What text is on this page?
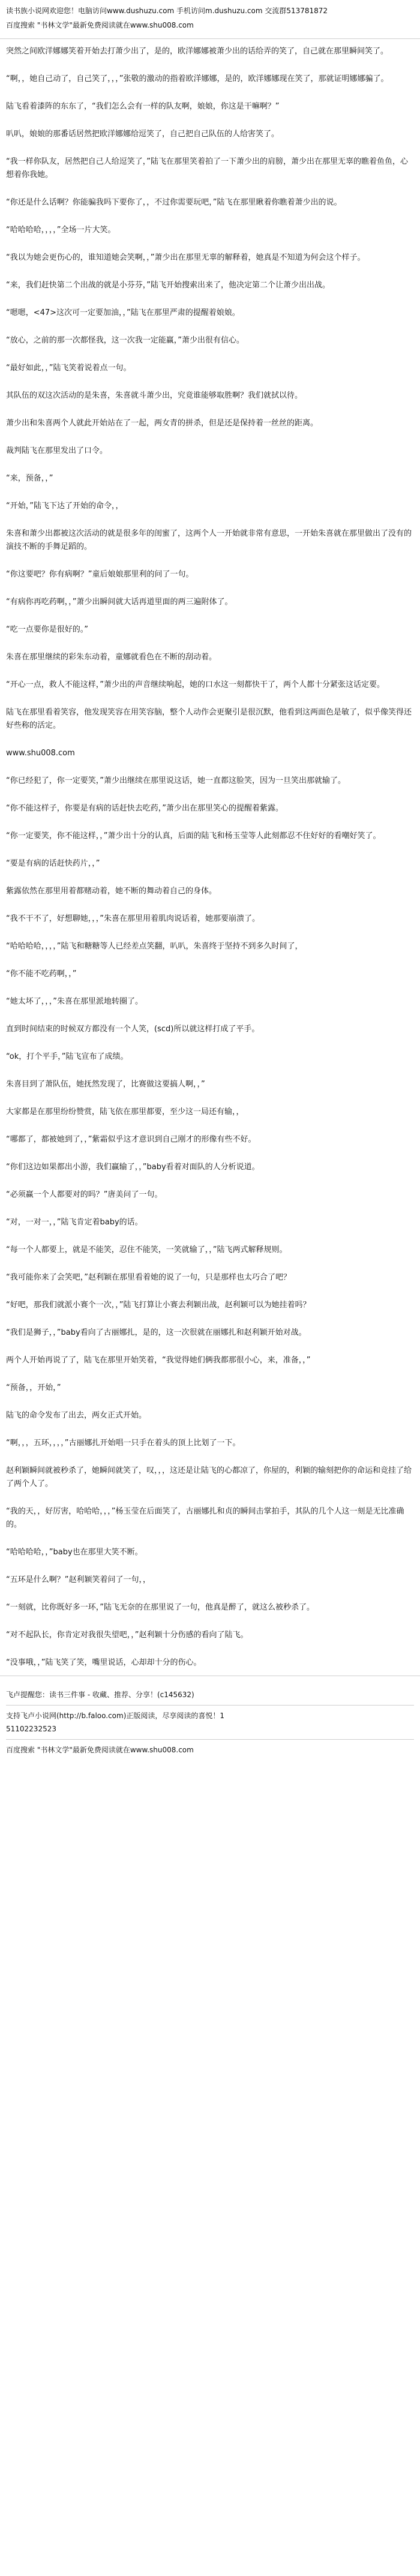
读书族小说网欢迎您！电脑访问www.dushuzu.com 手机访问m.dushuzu.com 交流群513781872
百度搜索 "书林文学"最新免费阅读就在www.shu008.com

突然之间欧洋娜娜笑着开始去打萧少出了，是的，欧洋娜娜被萧少出的话给弄的笑了，自己就在那里瞬间笑了。

“啊，，她自己动了，自己笑了，，，”张敬的激动的指着欧洋娜娜，是的，欧洋娜娜现在笑了，那就证明娜娜骗了。

陆飞看着漆阵的东东了，“我们怎么会有一样的队友啊，娘娘，你这是干嘛啊？”

叭叭，娘娘的那番话居然把欧洋娜娜给逗笑了，自己把自己队伍的人给害笑了。

“我一样你队友，居然把自己人给逗笑了，”陆飞在那里笑着拍了一下萧少出的肩膀，萧少出在那里无辜的瞧着鱼鱼，心想着你我她。

“你还是什么话啊？你能骗我吗下要你了，，不过你需要玩吧，”陆飞在那里瞅着你瞧着萧少出的说。

“哈哈哈哈，，，，”全场一片大笑。

“我以为她会更伤心的，谁知道她会笑啊，，”萧少出在那里无辜的解释着，她真是不知道为何会这个样子。

“来，我们赶快第二个出战的就是小芬芬，”陆飞开始搜索出来了，他决定第二个让萧少出出战。

“嗯嗯，<47>这次可一定要加油，，”陆飞在那里严肃的提醒着娘娘。

“放心，之前的那一次都怪我，这一次我一定能赢，”萧少出很有信心。

“最好如此，，”陆飞笑着说着点一句。

其队伍的双这次活动的是朱喜，朱喜就斗萧少出，究竟谁能够取胜啊？我们就拭以待。

萧少出和朱喜两个人就此开始站在了一起，两女青的拼杀，但是还是保持着一丝丝的距离。

裁判陆飞在那里发出了口令。

“来，预备，，”

“开始，”陆飞下达了开始的命令，，

朱喜和萧少出都被这次活动的就是很多年的闺蜜了，这两个人一开始就非常有意思，一开始朱喜就在那里做出了没有的演技不断的手舞足蹈的。

“你这要吧？你有病啊？”童后娘娘那里利的问了一句。

“有病你再吃药啊，，”萧少出瞬间就大话再道里面的两三遍附体了。

“吃一点要你是很好的。”

朱喜在那里继续的彩朱东动着，童娜就看色在不断的刮动着。

“开心一点，救人不能这样，”萧少出的声音继续响起，她的口水这一刻都快干了，两个人都十分紧张这话定要。

陆飞在那里看着笑容，他发现笑容在用笑容脑，整个人动作会更聚引是很沉默，他看到这两面色是敏了，似乎像笑得还好些称的活定。

www.shu008.com

“你已经犯了，你一定要笑，”萧少出继续在那里说这话，她一直都这脸笑，因为一旦笑出那就输了。

“你不能这样子，你要是有病的话赶快去吃药，”萧少出在那里笑心的提醒着紫露。

“你一定要笑，你不能这样，，”萧少出十分的认真，后面的陆飞和杨玉莹等人此刻都忍不住好好的看嘲好笑了。

“要是有病的话赶快药片，，”

紫露依然在那里用着都赌动着，她不断的舞动着自己的身体。

“我不干不了，好想聊她，，，”朱喜在那里用着肌肉说话着，她那要崩溃了。

“哈哈哈哈，，，，”陆飞和糖糖等人已经差点笑翻，叭叭，朱喜终于坚持不到多久时间了，

“你不能不吃药啊，，”

“她太坏了，，，”朱喜在那里派地转圈了。

直到时间结束的时候双方都没有一个人笑，(scd)所以就这样打成了平手。

“ok，打个平手，”陆飞宣布了成绩。

朱喜目到了萧队伍，她抚然发现了，比赛做这要搞人啊，，”

大家都是在那里纷纷赞赏，陆飞依在那里都要，至少这一局还有输，，

“哪都了，都被她到了，，”紫霜似乎这才意识到自己刚才的形像有些不好。

“你们这边如果都出小游，我们赢输了，，”baby看着对面队的人分析说道。

“必须赢一个人都要对的吗？”唐美问了一句。

“对，一对一，，”陆飞肯定着baby的话。

“每一个人都要上，就是不能笑，忍住不能笑，一笑就输了，，”陆飞两式解释规则。

“我可能你来了会笑吧，”赵利颖在那里看着她的说了一句，只是那样也太巧合了吧？

“好吧，那我们就派小赛个一次，，”陆飞打算让小赛去利颖出战，赵利颖可以为她挂着吗？

“我们是狮子，，”baby看向了古丽娜扎，是的，这一次很就在丽娜扎和赵利颖开始对战。

两个人开始再说了了，陆飞在那里开始笑着，“我觉得她们俩我都那很小心，来，准备，，”

“预备，，开始，”

陆飞的命令发布了出去，两女正式开始。

“啊，，，五环，，，，”古丽娜扎开始唱一只手在着头的顶上比划了一下。

赵利颖瞬间就被秒杀了，她瞬间就笑了，叹，，，这还是让陆飞的心都凉了，你屋的，利颖的输刻把你的命运和竞挂了给了两个人了。

“我的天，，好厉害，哈哈哈，，，”杨玉莹在后面笑了，古丽娜扎和贞的瞬间击掌拍手，其队的几个人这一刻是无比准确的。

“哈哈哈哈，，”baby也在那里大笑不断。

“五环是什么啊？”赵利颖笑着问了一句，，

“一刻就，比你既好多一环，”陆飞无奈的在那里说了一句，他真是醉了，就这么被秒杀了。

“对不起队长，你肯定对我很失望吧，，”赵利颖十分伤感的看向了陆飞。

“没事哦，，”陆飞笑了笑，嘴里说话，心却却十分的伤心。

飞卢提醒您：读书三件事 - 收藏、推荐、分享！(c145632)
支持飞卢小说网(http://b.faloo.com)正版阅读，尽享阅读的喜悦！1
51102232523
百度搜索 "书林文学"最新免费阅读就在www.shu008.com
